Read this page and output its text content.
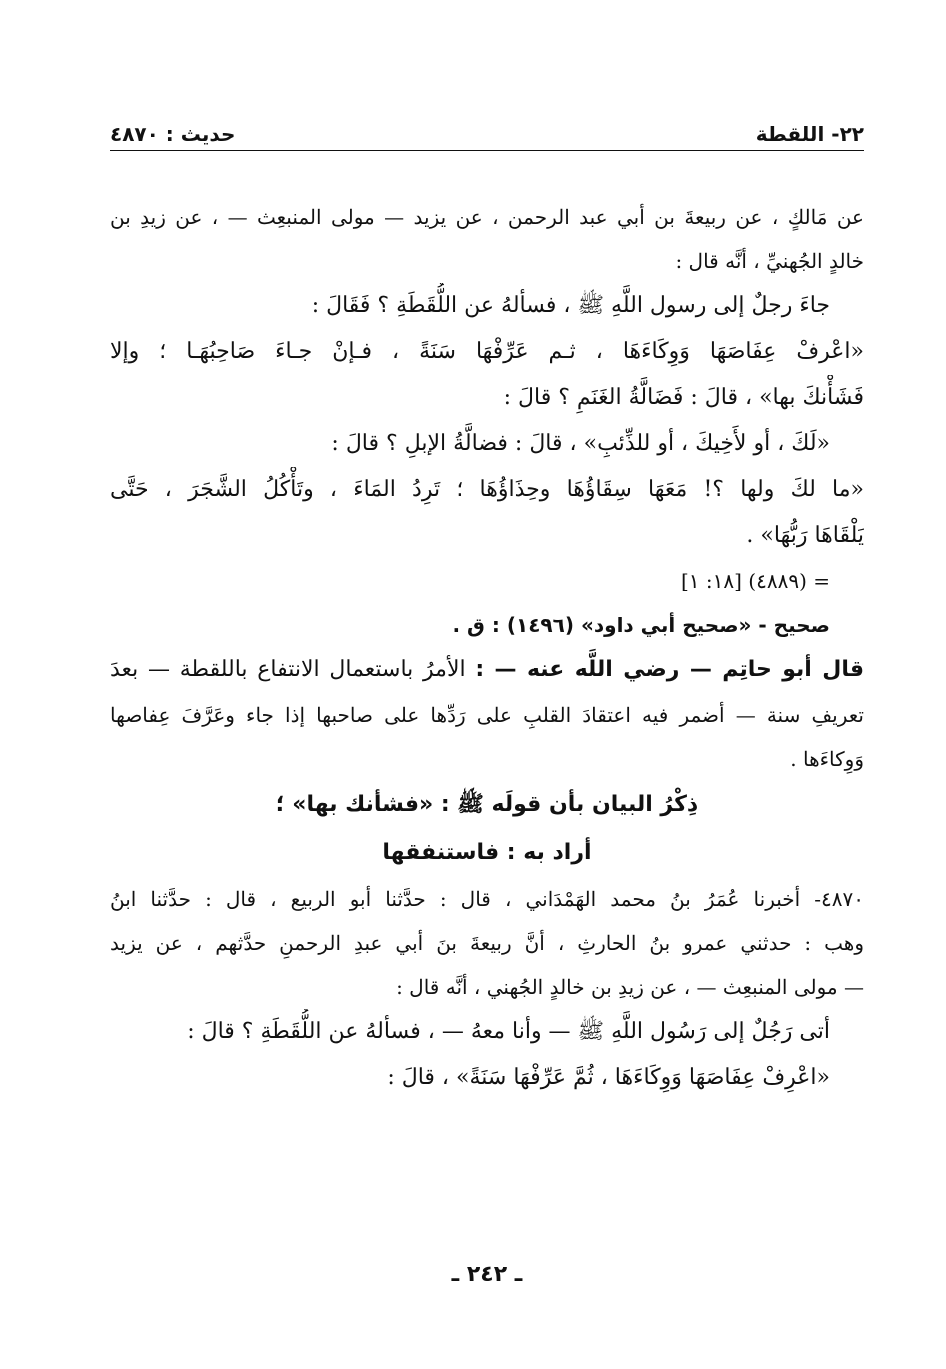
٢٢- اللقطة
حديث : ٤٨٧٠

عن مَالكٍ ، عن ربيعةَ بن أبي عبد الرحمن ، عن يزيد — مولى المنبعِث — ، عن زيدِ بن

خالدٍ الجُهنيِّ ، أنَّه قال :

جاءَ رجلٌ إلى رسول اللَّهِ ﷺ ، فسألهُ عن اللُّقَطَةِ ؟ فَقَالَ :

«اعْرفْ عِفَاصَهَا وَوِكَاءَهَا ، ثـم عَرِّفْهَا سَنَةً ، فـإنْ جـاءَ صَاحِبُهَـا ؛ وإلا

فَشَأْنكَ بها» ، قالَ : فَضَالَّةُ الغَنَمِ ؟ قالَ :

«لَكَ ، أو لأَخِيكَ ، أو للذِّئبِ» ، قالَ : فضالَّةُ الإبلِ ؟ قالَ :

«ما لكَ ولها ؟! مَعَهَا سِقَاؤُهَا وحِذَاؤُهَا ؛ تَرِدُ المَاءَ ، وتَأْكُلُ الشَّجَرَ ، حَتَّى

يَلْقَاهَا رَبُّهَا» .

= (٤٨٨٩) [١٨: ١]

صحيح - «صحيح أبي داود» (١٤٩٦) : ق .

قال أبو حاتِم — رضي اللَّه عنه — : الأمرُ باستعمال الانتفاع باللقطة — بعدَ

تعريفِ سنة — أضمر فيه اعتقادَ القلبِ على رَدِّها على صاحبها إذا جاء وعَرَّفَ عِفاصها

وَوِكاءَها .

ذِكْرُ البيان بأن قولَه ﷺ : «فشأنك بها» ؛

أراد به : فاستنفقها

٤٨٧٠- أخبرنا عُمَرُ بنُ محمد الهَمْدَاني ، قال : حدَّثنا أبو الربيع ، قال : حدَّثنا ابنُ

وهب : حدثني عمرو بنُ الحارثِ ، أنَّ ربيعةَ بنَ أبي عبدِ الرحمنِ حدَّثهم ، عن يزيد

— مولى المنبعِث — ، عن زيدِ بن خالدٍ الجُهني ، أنَّه قال :

أتى رَجُلٌ إلى رَسُول اللَّهِ ﷺ — وأنا معهُ — ، فسألهُ عن اللُّقَطَةِ ؟ قالَ :

«اعْرِفْ عِفَاصَهَا وَوِكَاءَهَا ، ثُمَّ عَرِّفْهَا سَنَةً» ، قالَ :

ـ ٢٤٢ ـ
